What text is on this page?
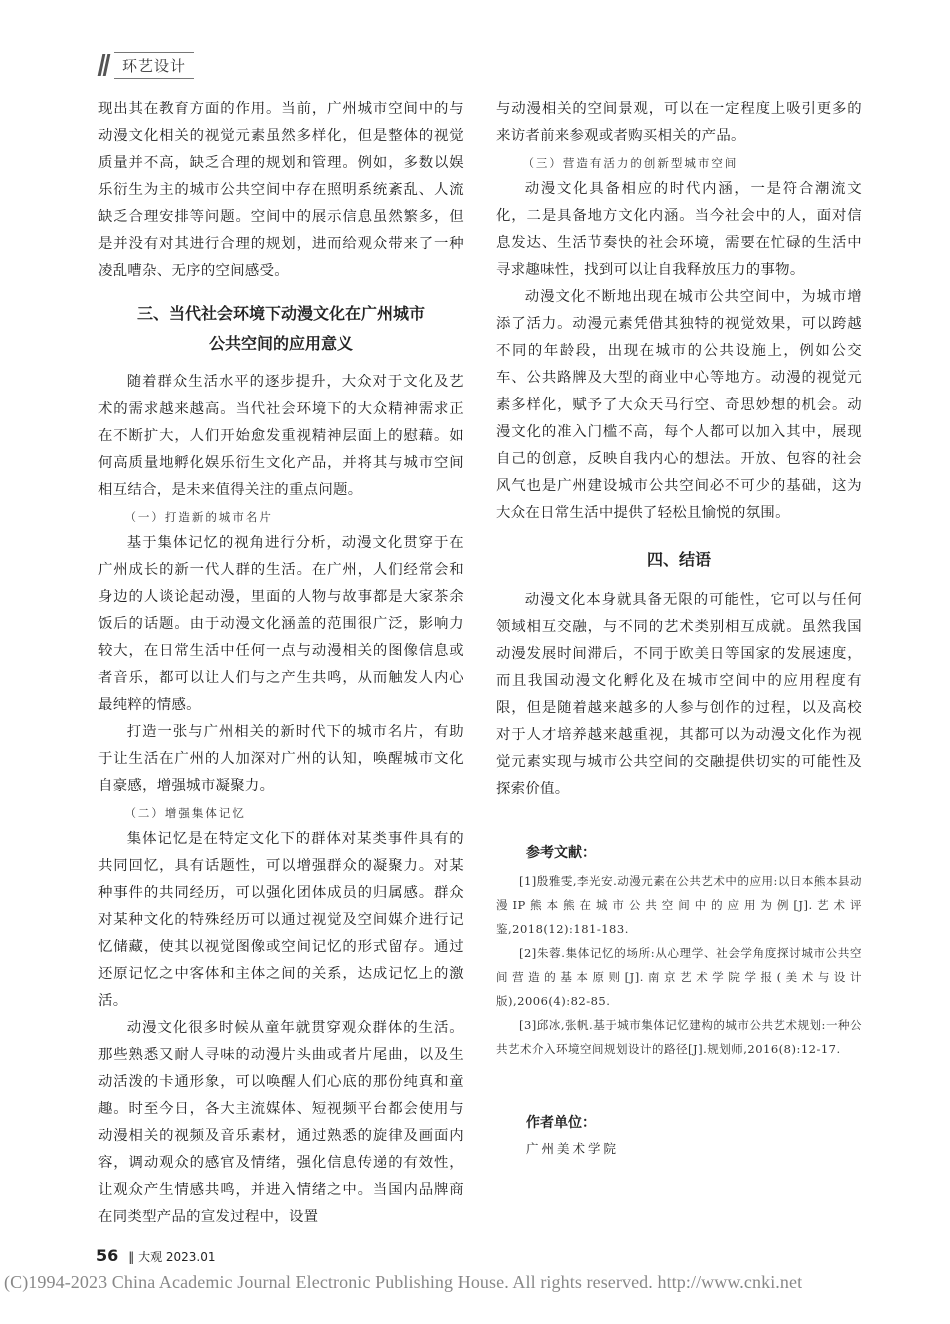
环艺设计

现出其在教育方面的作用。当前，广州城市空间中的与动漫文化相关的视觉元素虽然多样化，但是整体的视觉质量并不高，缺乏合理的规划和管理。例如，多数以娱乐衍生为主的城市公共空间中存在照明系统紊乱、人流缺乏合理安排等问题。空间中的展示信息虽然繁多，但是并没有对其进行合理的规划，进而给观众带来了一种凌乱嘈杂、无序的空间感受。

三、当代社会环境下动漫文化在广州城市
公共空间的应用意义

随着群众生活水平的逐步提升，大众对于文化及艺术的需求越来越高。当代社会环境下的大众精神需求正在不断扩大，人们开始愈发重视精神层面上的慰藉。如何高质量地孵化娱乐衍生文化产品，并将其与城市空间相互结合，是未来值得关注的重点问题。

（一）打造新的城市名片

基于集体记忆的视角进行分析，动漫文化贯穿于在广州成长的新一代人群的生活。在广州，人们经常会和身边的人谈论起动漫，里面的人物与故事都是大家茶余饭后的话题。由于动漫文化涵盖的范围很广泛，影响力较大，在日常生活中任何一点与动漫相关的图像信息或者音乐，都可以让人们与之产生共鸣，从而触发人内心最纯粹的情感。

打造一张与广州相关的新时代下的城市名片，有助于让生活在广州的人加深对广州的认知，唤醒城市文化自豪感，增强城市凝聚力。

（二）增强集体记忆

集体记忆是在特定文化下的群体对某类事件具有的共同回忆，具有话题性，可以增强群众的凝聚力。对某种事件的共同经历，可以强化团体成员的归属感。群众对某种文化的特殊经历可以通过视觉及空间媒介进行记忆储藏，使其以视觉图像或空间记忆的形式留存。通过还原记忆之中客体和主体之间的关系，达成记忆上的激活。

动漫文化很多时候从童年就贯穿观众群体的生活。那些熟悉又耐人寻味的动漫片头曲或者片尾曲，以及生动活泼的卡通形象，可以唤醒人们心底的那份纯真和童趣。时至今日，各大主流媒体、短视频平台都会使用与动漫相关的视频及音乐素材，通过熟悉的旋律及画面内容，调动观众的感官及情绪，强化信息传递的有效性，让观众产生情感共鸣，并进入情绪之中。当国内品牌商在同类型产品的宣发过程中，设置

与动漫相关的空间景观，可以在一定程度上吸引更多的来访者前来参观或者购买相关的产品。

（三）营造有活力的创新型城市空间

动漫文化具备相应的时代内涵，一是符合潮流文化，二是具备地方文化内涵。当今社会中的人，面对信息发达、生活节奏快的社会环境，需要在忙碌的生活中寻求趣味性，找到可以让自我释放压力的事物。

动漫文化不断地出现在城市公共空间中，为城市增添了活力。动漫元素凭借其独特的视觉效果，可以跨越不同的年龄段，出现在城市的公共设施上，例如公交车、公共路牌及大型的商业中心等地方。动漫的视觉元素多样化，赋予了大众天马行空、奇思妙想的机会。动漫文化的准入门槛不高，每个人都可以加入其中，展现自己的创意，反映自我内心的想法。开放、包容的社会风气也是广州建设城市公共空间必不可少的基础，这为大众在日常生活中提供了轻松且愉悦的氛围。

四、结语

动漫文化本身就具备无限的可能性，它可以与任何领域相互交融，与不同的艺术类别相互成就。虽然我国动漫发展时间滞后，不同于欧美日等国家的发展速度，而且我国动漫文化孵化及在城市空间中的应用程度有限，但是随着越来越多的人参与创作的过程，以及高校对于人才培养越来越重视，其都可以为动漫文化作为视觉元素实现与城市公共空间的交融提供切实的可能性及探索价值。

参考文献：

[1]殷雅雯,李光安.动漫元素在公共艺术中的应用:以日本熊本县动漫IP熊本熊在城市公共空间中的应用为例[J].艺术评鉴,2018(12):181-183.

[2]朱蓉.集体记忆的场所:从心理学、社会学角度探讨城市公共空间营造的基本原则[J].南京艺术学院学报(美术与设计版),2006(4):82-85.

[3]邱冰,张帆.基于城市集体记忆建构的城市公共艺术规划:一种公共艺术介入环境空间规划设计的路径[J].规划师,2016(8):12-17.

作者单位：

广州美术学院

56 ‖ 大观 2023.01
(C)1994-2023 China Academic Journal Electronic Publishing House. All rights reserved. http://www.cnki.net
